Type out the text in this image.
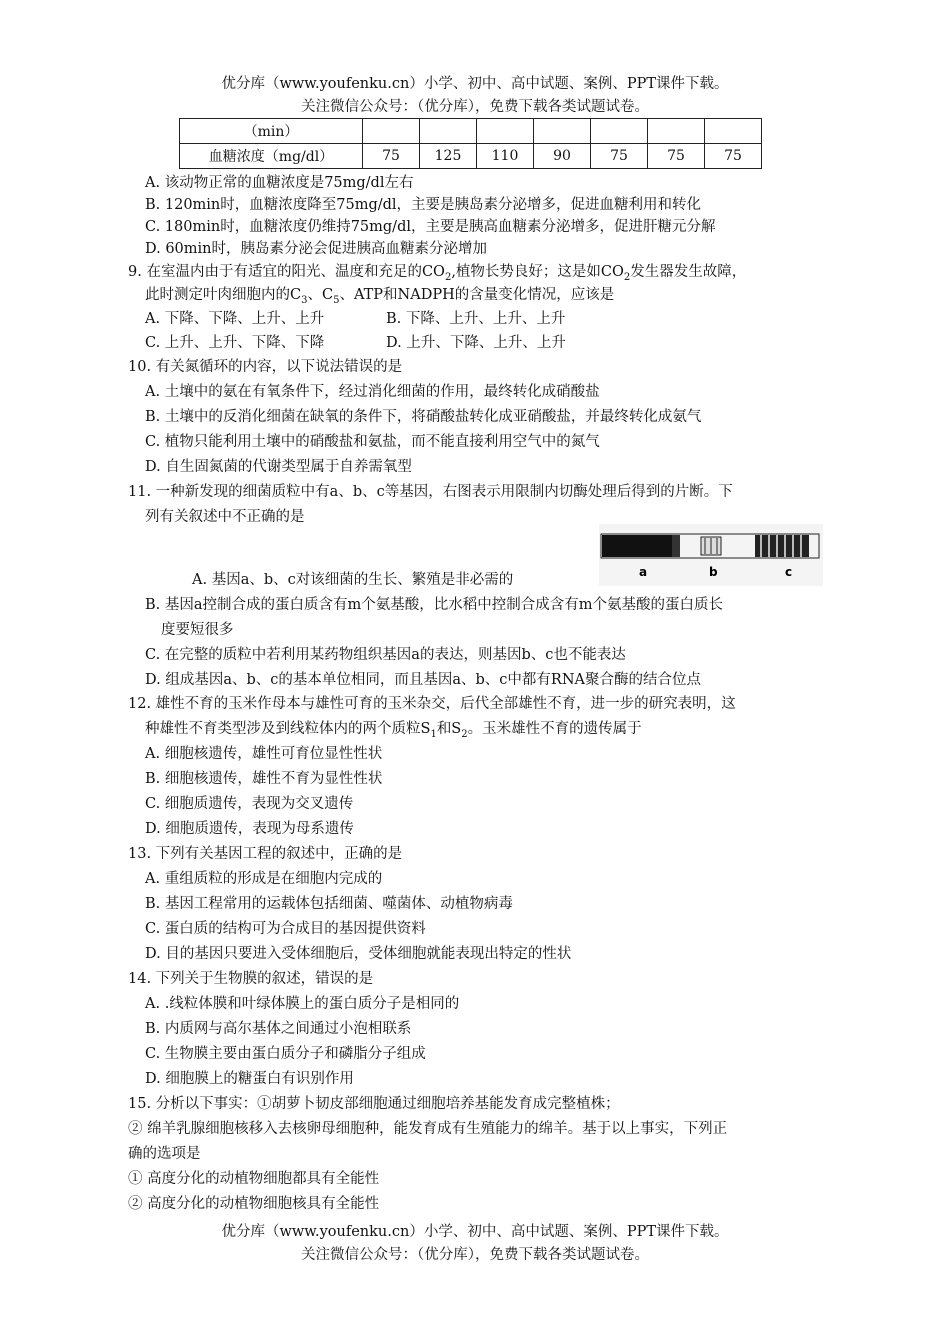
优分库（www.youfenku.cn）小学、初中、高中试题、案例、PPT课件下载。
关注微信公众号：（优分库），免费下载各类试题试卷。
（min）							
血糖浓度（mg/dl）	75	125	110	90	75	75	75
A. 该动物正常的血糖浓度是75mg/dl左右
B. 120min时，血糖浓度降至75mg/dl，主要是胰岛素分泌增多，促进血糖利用和转化
C. 180min时，血糖浓度仍维持75mg/dl，主要是胰高血糖素分泌增多，促进肝糖元分解
D. 60min时，胰岛素分泌会促进胰高血糖素分泌增加
9. 在室温内由于有适宜的阳光、温度和充足的$CO_2$,植物长势良好；这是如$CO_2$发生器发生故障，
此时测定叶肉细胞内的$C_3$、$C_5$、ATP和NADPH的含量变化情况，应该是
A. 下降、下降、上升、上升	B. 下降、上升、上升、上升
C. 上升、上升、下降、下降	D. 上升、下降、上升、上升
10. 有关氮循环的内容，以下说法错误的是
A. 土壤中的氨在有氧条件下，经过消化细菌的作用，最终转化成硝酸盐
B. 土壤中的反消化细菌在缺氧的条件下，将硝酸盐转化成亚硝酸盐，并最终转化成氨气
C. 植物只能利用土壤中的硝酸盐和氨盐，而不能直接利用空气中的氮气
D. 自生固氮菌的代谢类型属于自养需氧型
11. 一种新发现的细菌质粒中有a、b、c等基因，右图表示用限制内切酶处理后得到的片断。下
列有关叙述中不正确的是
a	b	c
A. 基因a、b、c对该细菌的生长、繁殖是非必需的
B. 基因a控制合成的蛋白质含有m个氨基酸，比水稻中控制合成含有m个氨基酸的蛋白质长
度要短很多
C. 在完整的质粒中若利用某药物组织基因a的表达，则基因b、c也不能表达
D. 组成基因a、b、c的基本单位相同，而且基因a、b、c中都有RNA聚合酶的结合位点
12. 雄性不育的玉米作母本与雄性可育的玉米杂交，后代全部雄性不育，进一步的研究表明，这
种雄性不育类型涉及到线粒体内的两个质粒$S_1$和$S_2$。玉米雄性不育的遗传属于
A. 细胞核遗传，雄性可育位显性性状
B. 细胞核遗传，雄性不育为显性性状
C. 细胞质遗传，表现为交叉遗传
D. 细胞质遗传，表现为母系遗传
13. 下列有关基因工程的叙述中，正确的是
A. 重组质粒的形成是在细胞内完成的
B. 基因工程常用的运载体包括细菌、噬菌体、动植物病毒
C. 蛋白质的结构可为合成目的基因提供资料
D. 目的基因只要进入受体细胞后，受体细胞就能表现出特定的性状
14. 下列关于生物膜的叙述，错误的是
A. .线粒体膜和叶绿体膜上的蛋白质分子是相同的
B. 内质网与高尔基体之间通过小泡相联系
C. 生物膜主要由蛋白质分子和磷脂分子组成
D. 细胞膜上的糖蛋白有识别作用
15. 分析以下事实：①胡萝卜韧皮部细胞通过细胞培养基能发育成完整植株；
② 绵羊乳腺细胞核移入去核卵母细胞种，能发育成有生殖能力的绵羊。基于以上事实，下列正
确的选项是
① 高度分化的动植物细胞都具有全能性
② 高度分化的动植物细胞核具有全能性
优分库（www.youfenku.cn）小学、初中、高中试题、案例、PPT课件下载。
关注微信公众号：（优分库），免费下载各类试题试卷。
